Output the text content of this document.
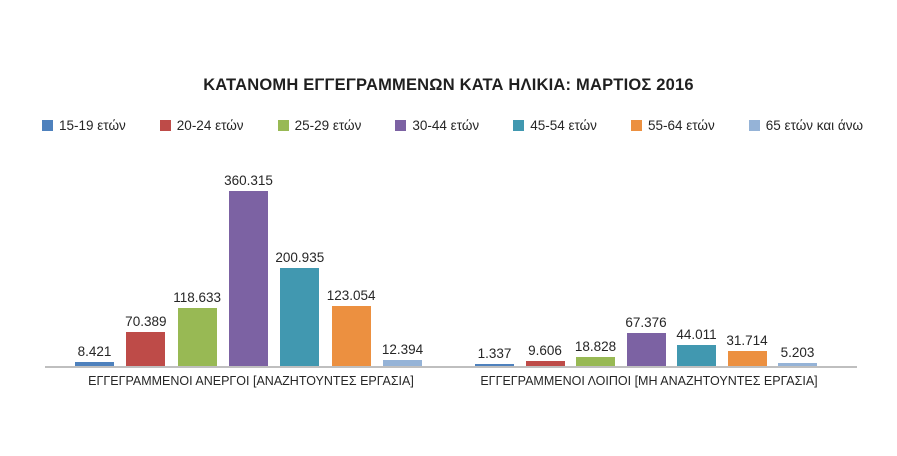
ΚΑΤΑΝΟΜΗ ΕΓΓΕΓΡΑΜΜΕΝΩΝ ΚΑΤΑ ΗΛΙΚΙΑ: ΜΑΡΤΙΟΣ 2016
15-19 ετών	20-24 ετών	25-29 ετών	30-44 ετών	45-54 ετών	55-64 ετών	65 ετών και άνω
8.421
70.389
118.633
360.315
200.935
123.054
12.394	1.337 9.606 18.828
67.376
44.011 31.714
5.203
ΕΓΓΕΓΡΑΜΜΕΝΟΙ ΑΝΕΡΓΟΙ [ΑΝΑΖΗΤΟΥΝΤΕΣ ΕΡΓΑΣΙΑ]	ΕΓΓΕΓΡΑΜΜΕΝΟΙ ΛΟΙΠΟΙ [ΜΗ ΑΝΑΖΗΤΟΥΝΤΕΣ ΕΡΓΑΣΙΑ]
